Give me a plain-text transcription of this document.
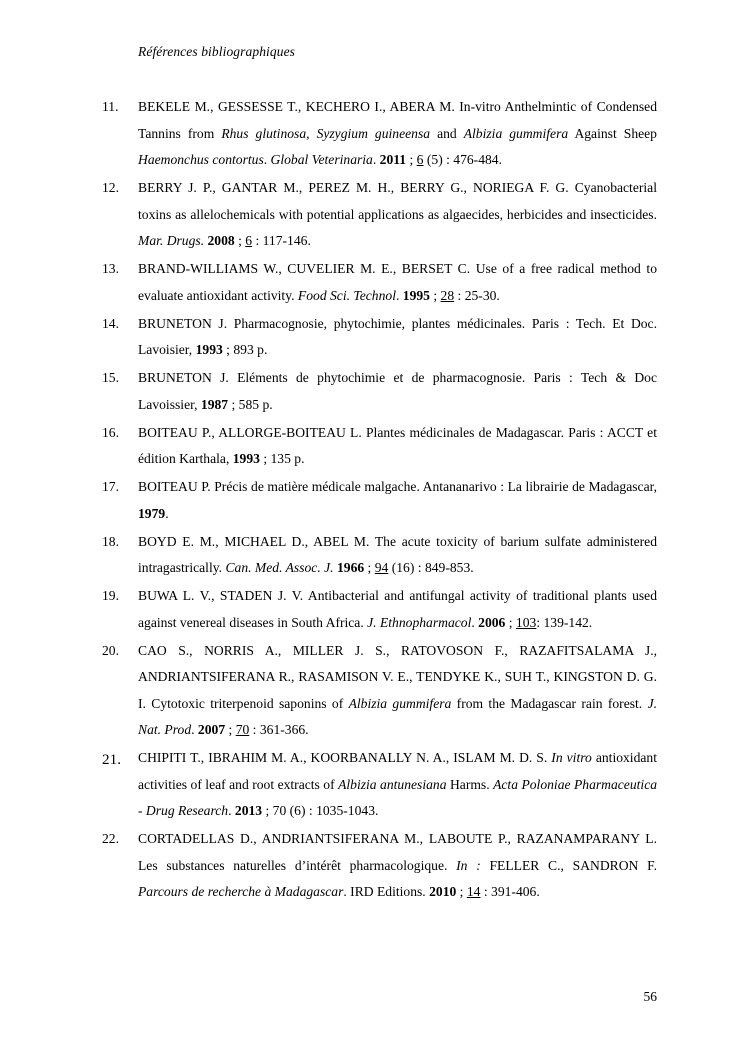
Références bibliographiques
11.	BEKELE M., GESSESSE T., KECHERO I., ABERA M. In-vitro Anthelmintic of Condensed Tannins from Rhus glutinosa, Syzygium guineensa and Albizia gummifera Against Sheep Haemonchus contortus. Global Veterinaria. 2011 ; 6 (5) : 476-484.
12.	BERRY J. P., GANTAR M., PEREZ M. H., BERRY G., NORIEGA F. G. Cyanobacterial toxins as allelochemicals with potential applications as algaecides, herbicides and insecticides. Mar. Drugs. 2008 ; 6 : 117-146.
13.	BRAND-WILLIAMS W., CUVELIER M. E., BERSET C. Use of a free radical method to evaluate antioxidant activity. Food Sci. Technol. 1995 ; 28 : 25-30.
14.	BRUNETON J. Pharmacognosie, phytochimie, plantes médicinales. Paris : Tech. Et Doc. Lavoisier, 1993 ; 893 p.
15.	BRUNETON J. Eléments de phytochimie et de pharmacognosie. Paris : Tech & Doc Lavoissier, 1987 ; 585 p.
16.	BOITEAU P., ALLORGE-BOITEAU L. Plantes médicinales de Madagascar. Paris : ACCT et édition Karthala, 1993 ; 135 p.
17.	BOITEAU P. Précis de matière médicale malgache. Antananarivo : La librairie de Madagascar, 1979.
18.	BOYD E. M., MICHAEL D., ABEL M. The acute toxicity of barium sulfate administered intragastrically. Can. Med. Assoc. J. 1966 ; 94 (16) : 849-853.
19.	BUWA L. V., STADEN J. V. Antibacterial and antifungal activity of traditional plants used against venereal diseases in South Africa. J. Ethnopharmacol. 2006 ; 103: 139-142.
20.	CAO S., NORRIS A., MILLER J. S., RATOVOSON F., RAZAFITSALAMA J., ANDRIANTSIFERANA R., RASAMISON V. E., TENDYKE K., SUH T., KINGSTON D. G. I. Cytotoxic triterpenoid saponins of Albizia gummifera from the Madagascar rain forest. J. Nat. Prod. 2007 ; 70 : 361-366.
21.	CHIPITI T., IBRAHIM M. A., KOORBANALLY N. A., ISLAM M. D. S. In vitro antioxidant activities of leaf and root extracts of Albizia antunesiana Harms. Acta Poloniae Pharmaceutica - Drug Research. 2013 ; 70 (6) : 1035-1043.
22.	CORTADELLAS D., ANDRIANTSIFERANA M., LABOUTE P., RAZANAMPARANY L. Les substances naturelles d’intérêt pharmacologique. In : FELLER C., SANDRON F. Parcours de recherche à Madagascar. IRD Editions. 2010 ; 14 : 391-406.
56
